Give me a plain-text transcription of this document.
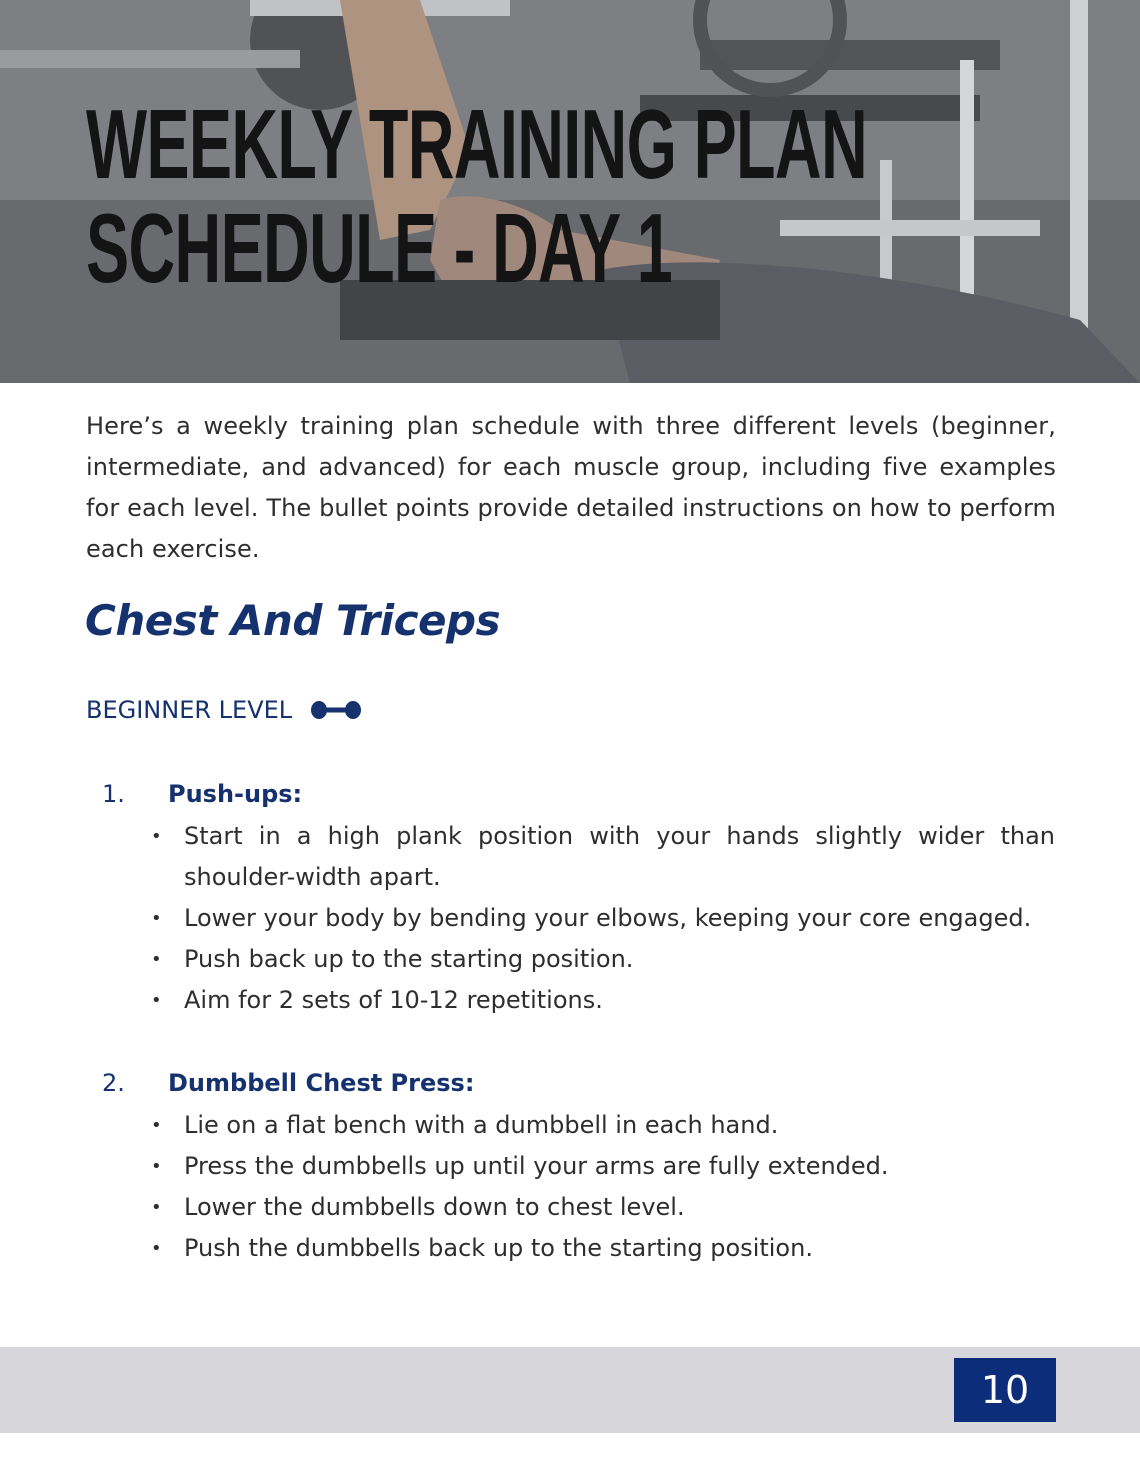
WEEKLY TRAINING PLAN
SCHEDULE - DAY 1

Here’s a weekly training plan schedule with three different levels (beginner, intermediate, and advanced) for each muscle group, including five examples for each level. The bullet points provide detailed instructions on how to perform each exercise.

Chest And Triceps
BEGINNER LEVEL
1.	Push-ups:
• Start in a high plank position with your hands slightly wider than shoulder-width apart.
• Lower your body by bending your elbows, keeping your core engaged.
• Push back up to the starting position.
• Aim for 2 sets of 10-12 repetitions.
2.	Dumbbell Chest Press:
• Lie on a flat bench with a dumbbell in each hand.
• Press the dumbbells up until your arms are fully extended.
• Lower the dumbbells down to chest level.
• Push the dumbbells back up to the starting position.
10
